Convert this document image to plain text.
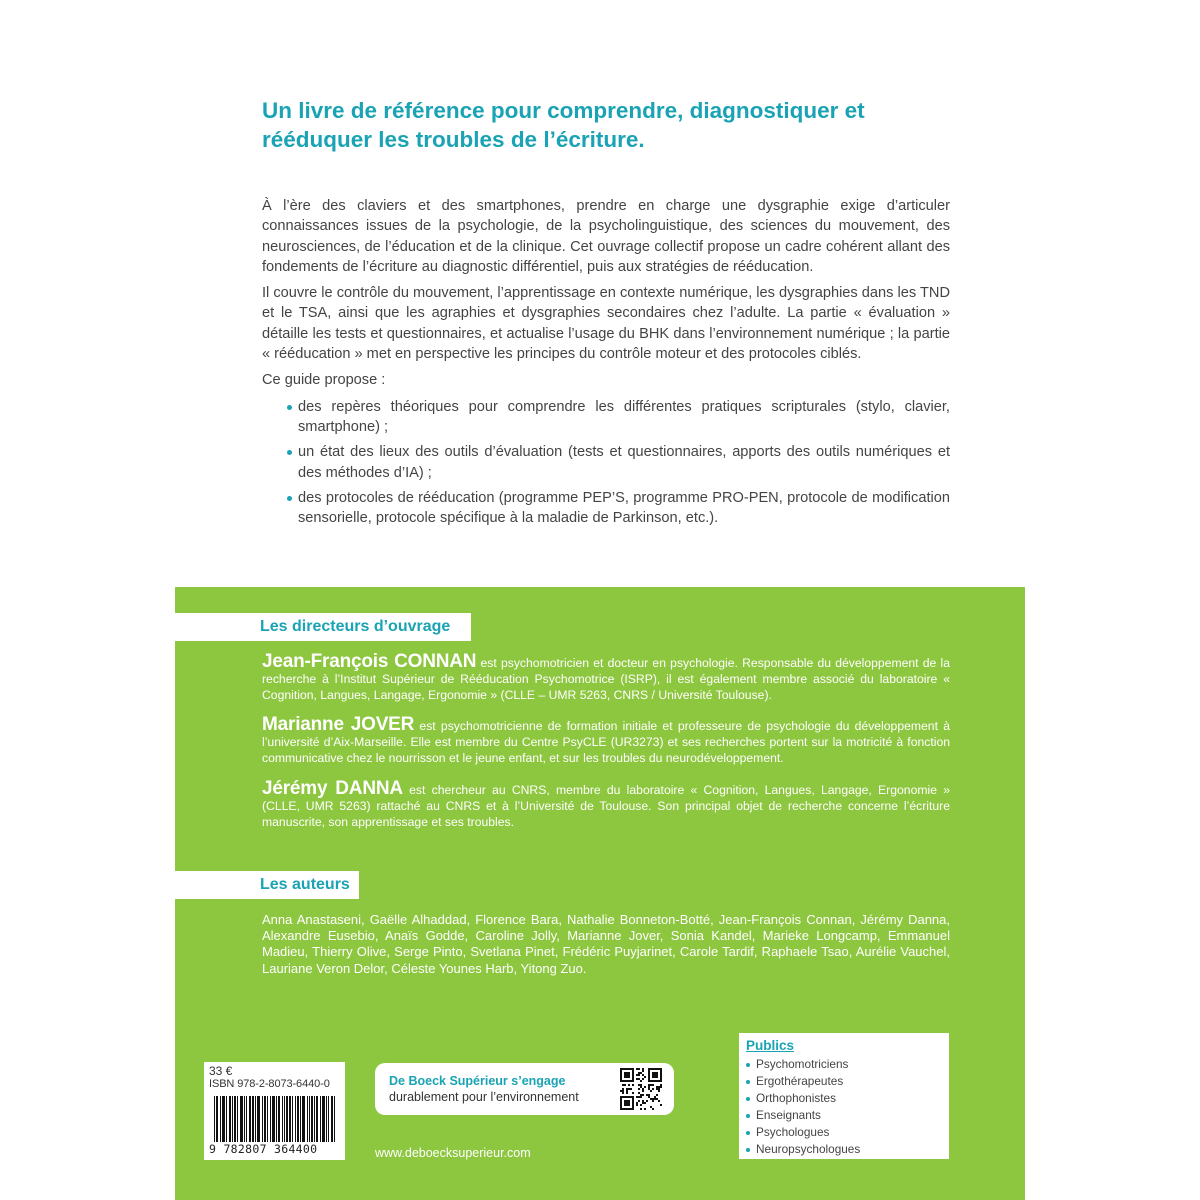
Un livre de référence pour comprendre, diagnostiquer et rééduquer les troubles de l’écriture.

À l’ère des claviers et des smartphones, prendre en charge une dysgraphie exige d’articuler connaissances issues de la psychologie, de la psycholinguistique, des sciences du mouvement, des neurosciences, de l’éducation et de la clinique. Cet ouvrage collectif propose un cadre cohérent allant des fondements de l’écriture au diagnostic différentiel, puis aux stratégies de rééducation.

Il couvre le contrôle du mouvement, l’apprentissage en contexte numérique, les dysgraphies dans les TND et le TSA, ainsi que les agraphies et dysgraphies secondaires chez l’adulte. La partie « évaluation » détaille les tests et questionnaires, et actualise l’usage du BHK dans l’environnement numérique ; la partie « rééducation » met en perspective les principes du contrôle moteur et des protocoles ciblés.

Ce guide propose :

des repères théoriques pour comprendre les différentes pratiques scripturales (stylo, clavier, smartphone) ;
un état des lieux des outils d’évaluation (tests et questionnaires, apports des outils numériques et des méthodes d’IA) ;
des protocoles de rééducation (programme PEP’S, programme PRO-PEN, protocole de modification sensorielle, protocole spécifique à la maladie de Parkinson, etc.).
Les directeurs d’ouvrage
Jean-François CONNAN est psychomotricien et docteur en psychologie. Responsable du développement de la recherche à l’Institut Supérieur de Rééducation Psychomotrice (ISRP), il est également membre associé du laboratoire « Cognition, Langues, Langage, Ergonomie » (CLLE – UMR 5263, CNRS / Université Toulouse).
Marianne JOVER est psychomotricienne de formation initiale et professeure de psychologie du développement à l’université d’Aix-Marseille. Elle est membre du Centre PsyCLE (UR3273) et ses recherches portent sur la motricité à fonction communicative chez le nourrisson et le jeune enfant, et sur les troubles du neurodéveloppement.
Jérémy DANNA est chercheur au CNRS, membre du laboratoire « Cognition, Langues, Langage, Ergonomie » (CLLE, UMR 5263) rattaché au CNRS et à l’Université de Toulouse. Son principal objet de recherche concerne l’écriture manuscrite, son apprentissage et ses troubles.
Les auteurs
Anna Anastaseni, Gaëlle Alhaddad, Florence Bara, Nathalie Bonneton-Botté, Jean-François Connan, Jérémy Danna, Alexandre Eusebio, Anaïs Godde, Caroline Jolly, Marianne Jover, Sonia Kandel, Marieke Longcamp, Emmanuel Madieu, Thierry Olive, Serge Pinto, Svetlana Pinet, Frédéric Puyjarinet, Carole Tardif, Raphaele Tsao, Aurélie Vauchel, Lauriane Veron Delor, Céleste Younes Harb, Yitong Zuo.
Publics
Psychomotriciens
Ergothérapeutes
Orthophonistes
Enseignants
Psychologues
Neuropsychologues
33 €
ISBN 978-2-8073-6440-0
9 782807 364400
De Boeck Supérieur s’engage
durablement pour l’environnement
www.deboecksuperieur.com
